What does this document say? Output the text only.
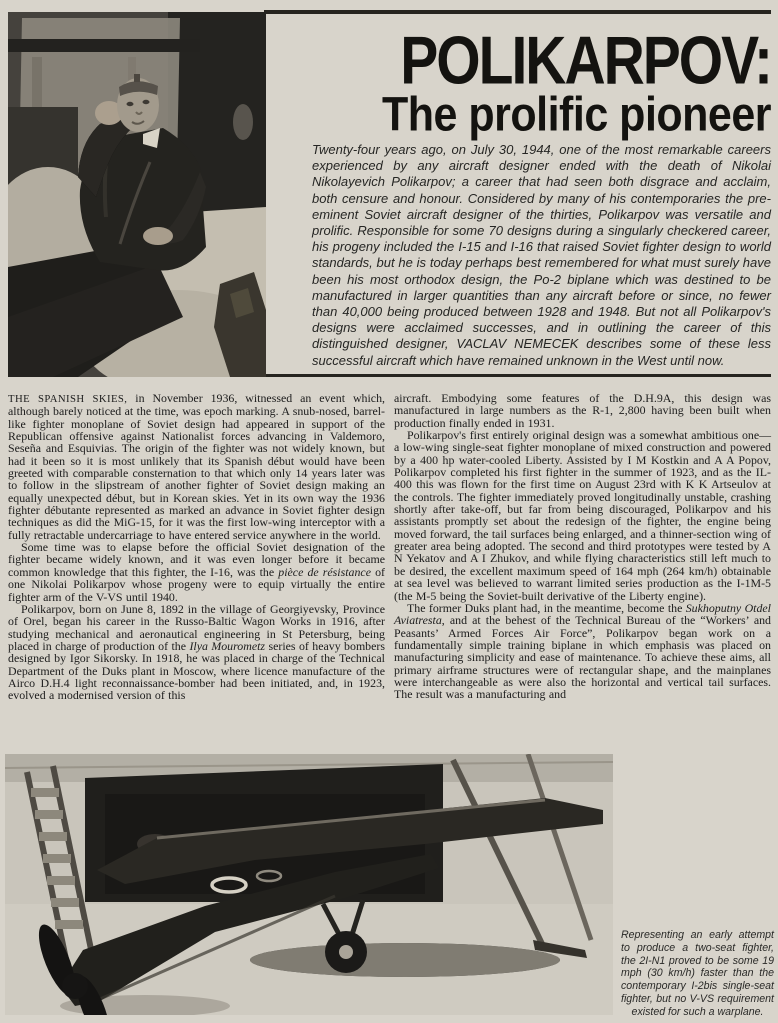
POLIKARPOV:
The prolific pioneer
Twenty-four years ago, on July 30, 1944, one of the most remarkable careers experienced by any aircraft designer ended with the death of Nikolai Nikolayevich Polikarpov; a career that had seen both disgrace and acclaim, both censure and honour. Considered by many of his contemporaries the pre-eminent Soviet aircraft designer of the thirties, Polikarpov was versatile and prolific. Responsible for some 70 designs during a singularly checkered career, his progeny included the I-15 and I-16 that raised Soviet fighter design to world standards, but he is today perhaps best remembered for what must surely have been his most orthodox design, the Po-2 biplane which was destined to be manufactured in larger quantities than any aircraft before or since, no fewer than 40,000 being produced between 1928 and 1948. But not all Polikarpov's designs were acclaimed successes, and in outlining the career of this distinguished designer, VACLAV NEMECEK describes some of these less successful aircraft which have remained unknown in the West until now.

THE SPANISH SKIES, in November 1936, witnessed an event which, although barely noticed at the time, was epoch marking. A snub-nosed, barrel-like fighter monoplane of Soviet design had appeared in support of the Republican offensive against Nationalist forces advancing in Valdemoro, Seseña and Esquivias. The origin of the fighter was not widely known, but had it been so it is most unlikely that its Spanish début would have been greeted with comparable consternation to that which only 14 years later was to follow in the slipstream of another fighter of Soviet design making an equally unexpected début, but in Korean skies. Yet in its own way the 1936 fighter débutante represented as marked an advance in Soviet fighter design techniques as did the MiG-15, for it was the first low-wing interceptor with a fully retractable undercarriage to have entered service anywhere in the world.

Some time was to elapse before the official Soviet designation of the fighter became widely known, and it was even longer before it became common knowledge that this fighter, the I-16, was the pièce de résistance of one Nikolai Polikarpov whose progeny were to equip virtually the entire fighter arm of the V-VS until 1940.

Polikarpov, born on June 8, 1892 in the village of Georgiyevsky, Province of Orel, began his career in the Russo-Baltic Wagon Works in 1916, after studying mechanical and aeronautical engineering in St Petersburg, being placed in charge of production of the Ilya Mourometz series of heavy bombers designed by Igor Sikorsky. In 1918, he was placed in charge of the Technical Department of the Duks plant in Moscow, where licence manufacture of the Airco D.H.4 light reconnaissance-bomber had been initiated, and, in 1923, evolved a modernised version of this

aircraft. Embodying some features of the D.H.9A, this design was manufactured in large numbers as the R-1, 2,800 having been built when production finally ended in 1931.

Polikarpov's first entirely original design was a somewhat ambitious one—a low-wing single-seat fighter monoplane of mixed construction and powered by a 400 hp water-cooled Liberty. Assisted by I M Kostkin and A A Popov, Polikarpov completed his first fighter in the summer of 1923, and as the IL-400 this was flown for the first time on August 23rd with K K Artseulov at the controls. The fighter immediately proved longitudinally unstable, crashing shortly after take-off, but far from being discouraged, Polikarpov and his assistants promptly set about the redesign of the fighter, the engine being moved forward, the tail surfaces being enlarged, and a thinner-section wing of greater area being adopted. The second and third prototypes were tested by A N Yekatov and A I Zhukov, and while flying characteristics still left much to be desired, the excellent maximum speed of 164 mph (264 km/h) obtainable at sea level was believed to warrant limited series production as the I-1M-5 (the M-5 being the Soviet-built derivative of the Liberty engine).

The former Duks plant had, in the meantime, become the Sukhoputny Otdel Aviatresta, and at the behest of the Technical Bureau of the “Workers’ and Peasants’ Armed Forces Air Force”, Polikarpov began work on a fundamentally simple training biplane in which emphasis was placed on manufacturing simplicity and ease of maintenance. To achieve these aims, all primary airframe structures were of rectangular shape, and the mainplanes were interchangeable as were also the horizontal and vertical tail surfaces. The result was a manufacturing and

Representing an early attempt to produce a two-seat fighter, the 2I-N1 proved to be some 19 mph (30 km/h) faster than the contemporary I-2bis single-seat fighter, but no V-VS requirement existed for such a warplane.
